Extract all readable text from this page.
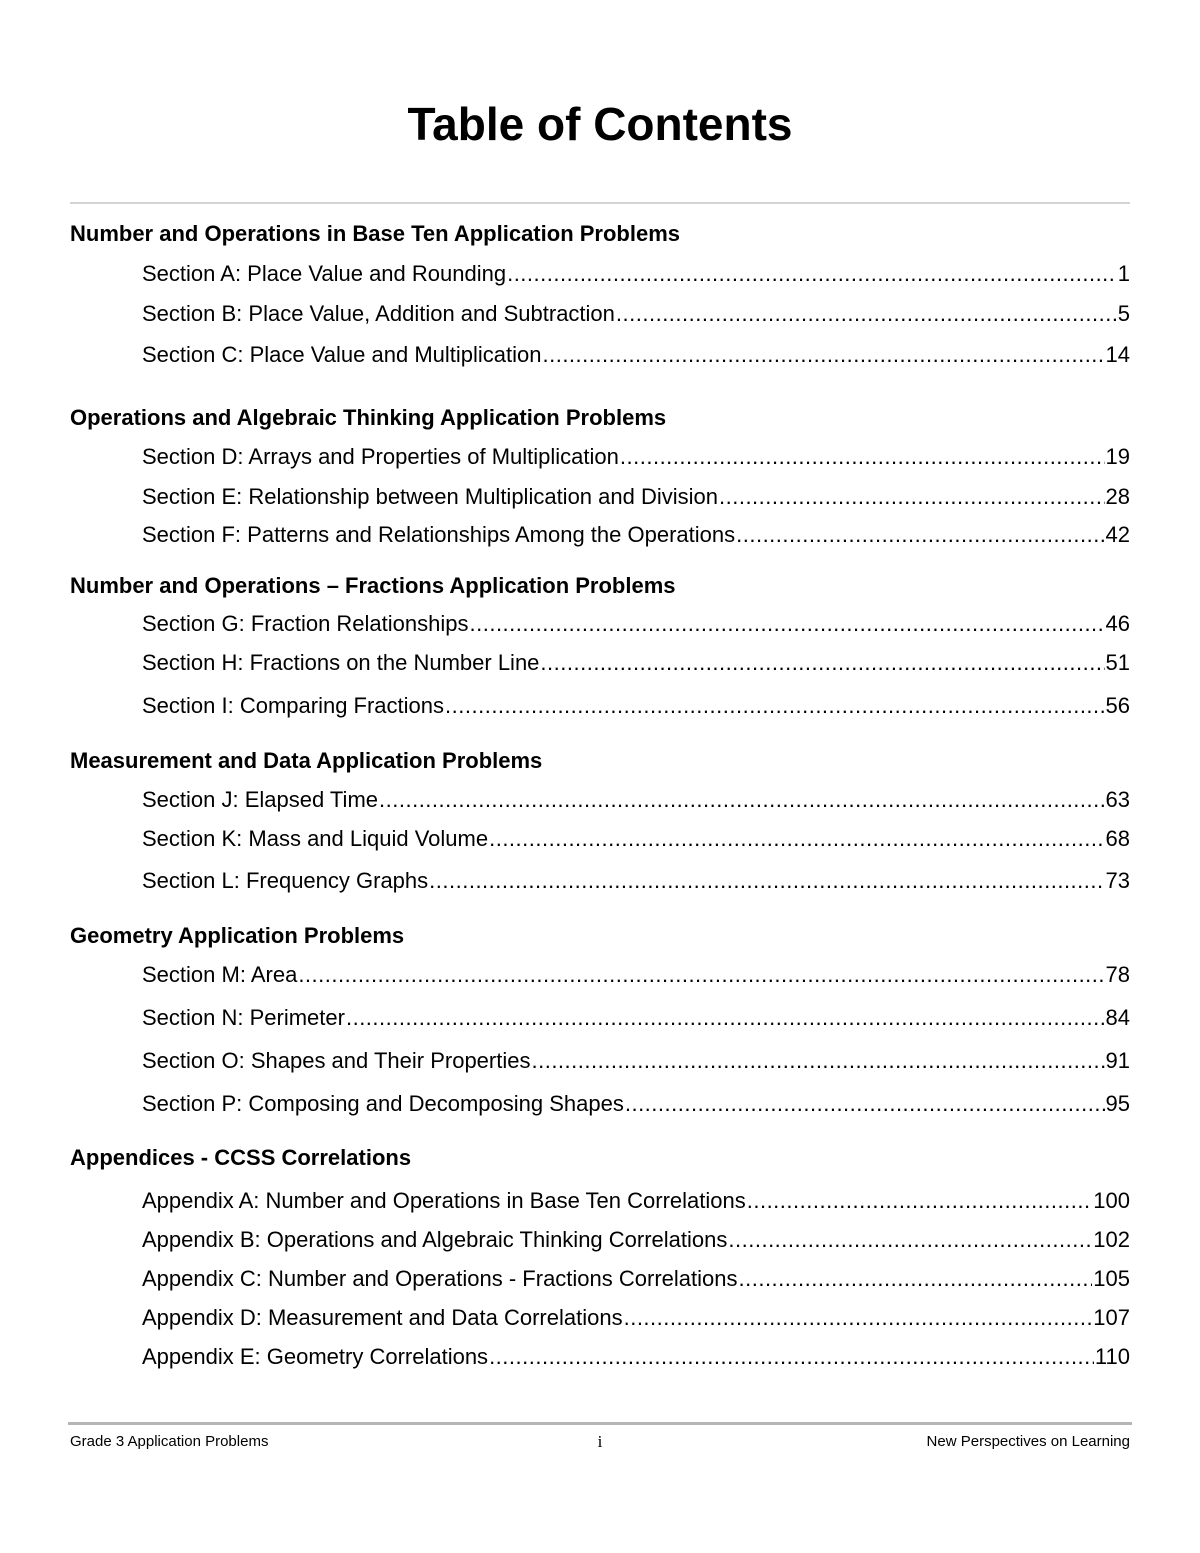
Table of Contents
Number and Operations in Base Ten Application Problems
Section A: Place Value and Rounding .....	1
Section B: Place Value, Addition and Subtraction .....	5
Section C: Place Value and Multiplication .....	14
Operations and Algebraic Thinking Application Problems
Section D: Arrays and Properties of Multiplication .....	19
Section E: Relationship between Multiplication and Division .....	28
Section F: Patterns and Relationships Among the Operations .....	42
Number and Operations – Fractions Application Problems
Section G: Fraction Relationships .....	46
Section H: Fractions on the Number Line .....	51
Section I: Comparing Fractions .....	56
Measurement and Data Application Problems
Section J: Elapsed Time .....	63
Section K: Mass and Liquid Volume .....	68
Section L: Frequency Graphs .....	73
Geometry Application Problems
Section M: Area .....	78
Section N: Perimeter .....	84
Section O: Shapes and Their Properties .....	91
Section P: Composing and Decomposing Shapes .....	95
Appendices - CCSS Correlations
Appendix A: Number and Operations in Base Ten Correlations .....	100
Appendix B: Operations and Algebraic Thinking Correlations .....	102
Appendix C: Number and Operations - Fractions Correlations .....	105
Appendix D: Measurement and Data Correlations .....	107
Appendix E: Geometry Correlations .....	110
Grade 3 Application Problems	i	New Perspectives on Learning
